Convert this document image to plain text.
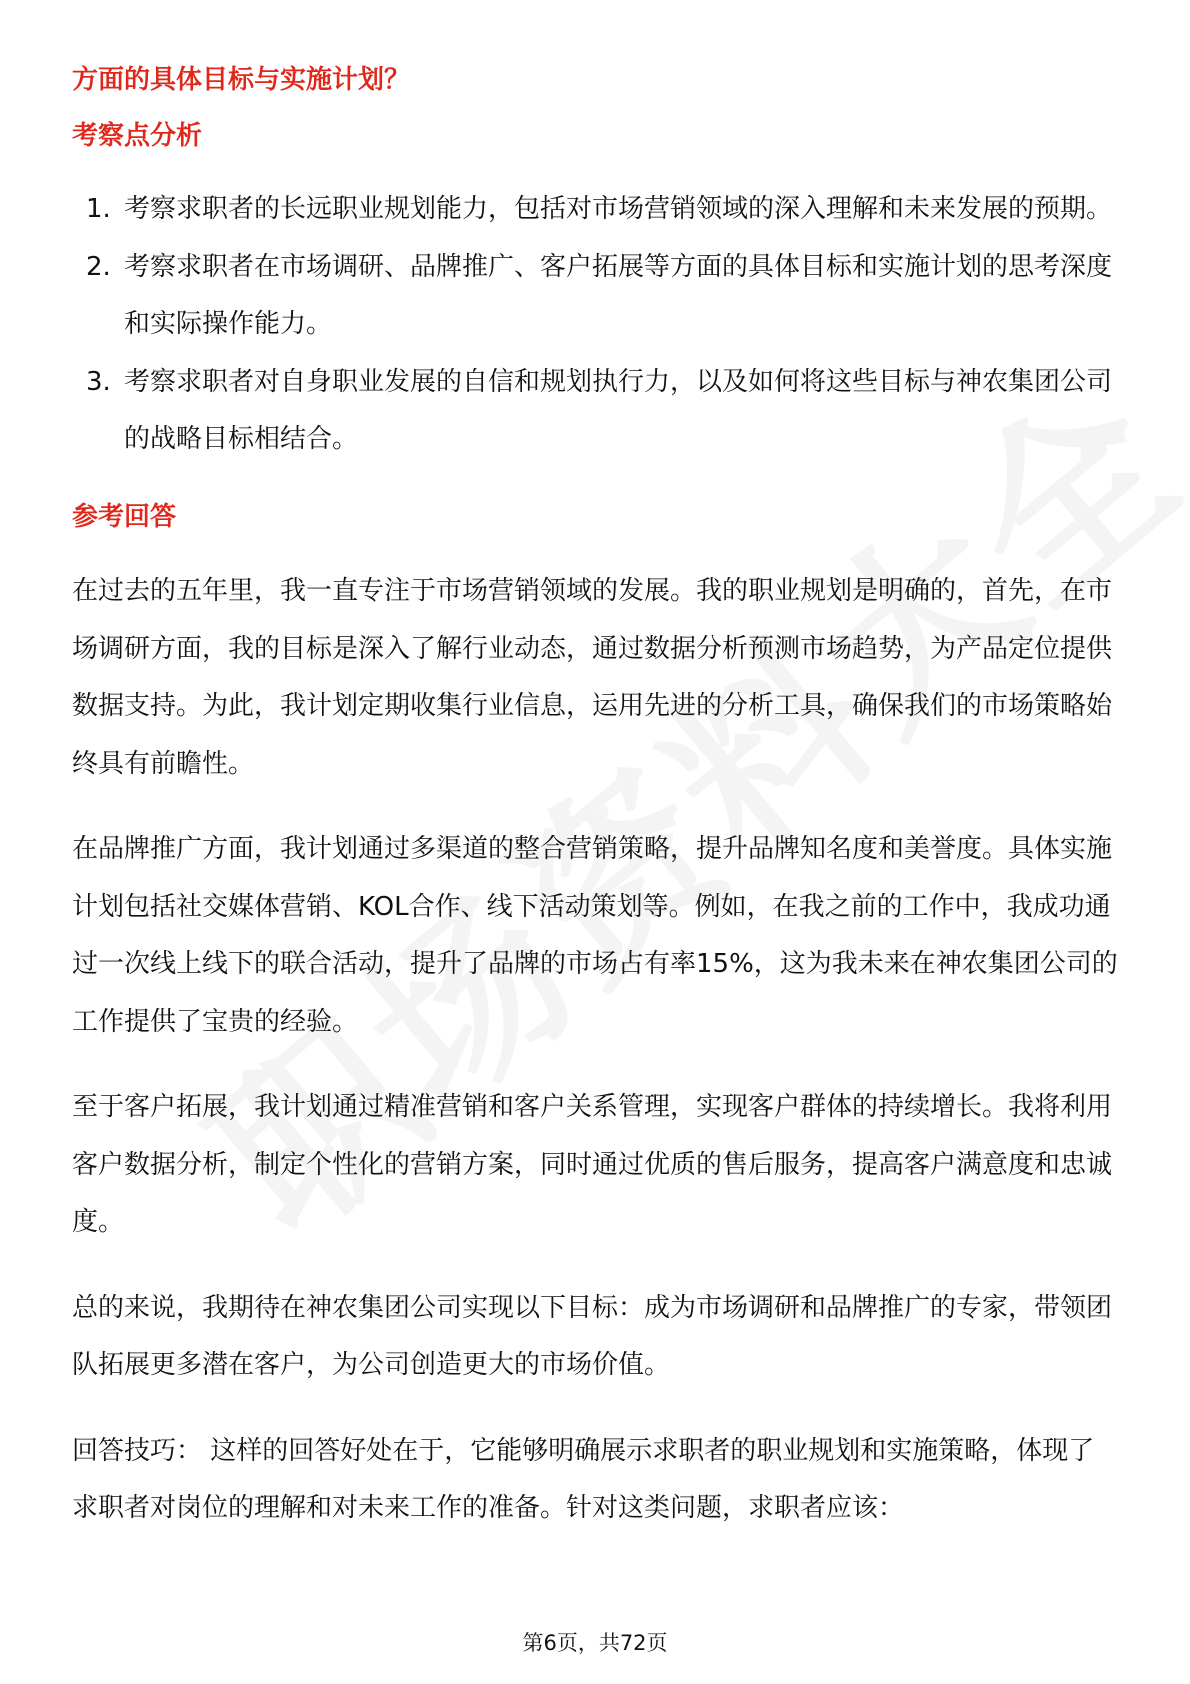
方面的具体目标与实施计划？
考察点分析
1. 考察求职者的长远职业规划能力，包括对市场营销领域的深入理解和未来发展的预期。
2. 考察求职者在市场调研、品牌推广、客户拓展等方面的具体目标和实施计划的思考深度和实际操作能力。
3. 考察求职者对自身职业发展的自信和规划执行力，以及如何将这些目标与神农集团公司的战略目标相结合。
参考回答

在过去的五年里，我一直专注于市场营销领域的发展。我的职业规划是明确的，首先，在市场调研方面，我的目标是深入了解行业动态，通过数据分析预测市场趋势，为产品定位提供数据支持。为此，我计划定期收集行业信息，运用先进的分析工具，确保我们的市场策略始终具有前瞻性。

在品牌推广方面，我计划通过多渠道的整合营销策略，提升品牌知名度和美誉度。具体实施计划包括社交媒体营销、KOL合作、线下活动策划等。例如，在我之前的工作中，我成功通过一次线上线下的联合活动，提升了品牌的市场占有率15%，这为我未来在神农集团公司的工作提供了宝贵的经验。

至于客户拓展，我计划通过精准营销和客户关系管理，实现客户群体的持续增长。我将利用客户数据分析，制定个性化的营销方案，同时通过优质的售后服务，提高客户满意度和忠诚度。

总的来说，我期待在神农集团公司实现以下目标：成为市场调研和品牌推广的专家，带领团队拓展更多潜在客户，为公司创造更大的市场价值。

回答技巧： 这样的回答好处在于，它能够明确展示求职者的职业规划和实施策略，体现了求职者对岗位的理解和对未来工作的准备。针对这类问题，求职者应该：

第6页，共72页
